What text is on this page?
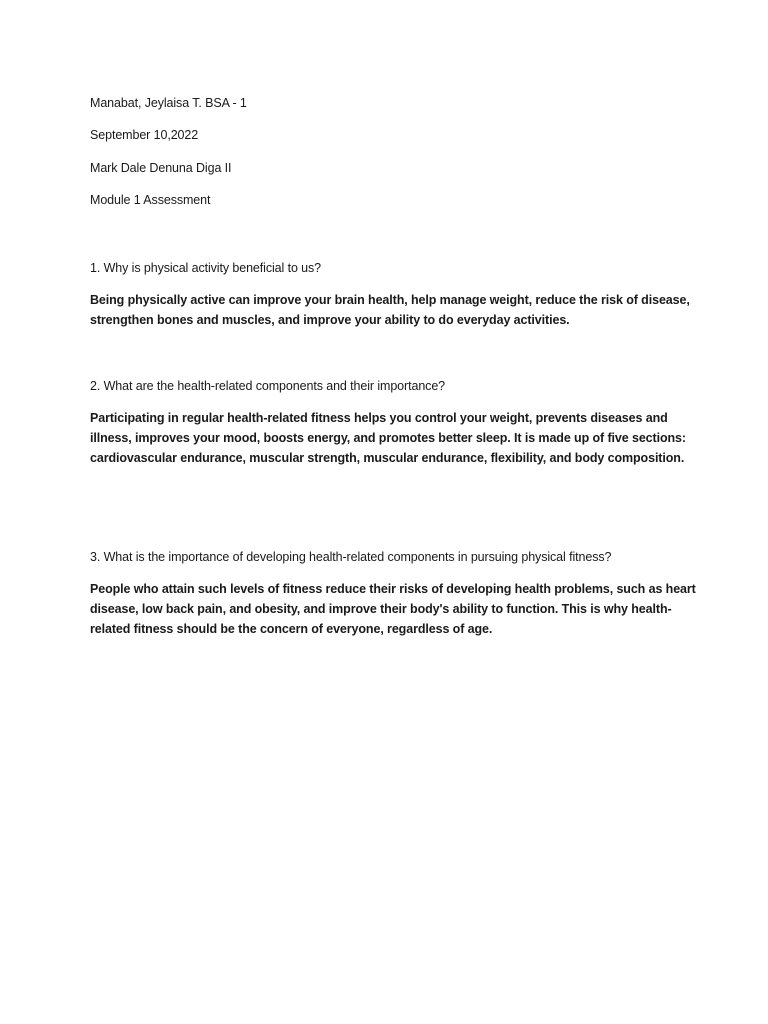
Manabat, Jeylaisa T. BSA - 1
September 10,2022
Mark Dale Denuna Diga II
Module 1 Assessment
1. Why is physical activity beneficial to us?
Being physically active can improve your brain health, help manage weight, reduce the risk of disease,
strengthen bones and muscles, and improve your ability to do everyday activities.
2. What are the health-related components and their importance?
Participating in regular health-related fitness helps you control your weight, prevents diseases and
illness, improves your mood, boosts energy, and promotes better sleep. It is made up of five sections:
cardiovascular endurance, muscular strength, muscular endurance, flexibility, and body composition.
3. What is the importance of developing health-related components in pursuing physical fitness?
People who attain such levels of fitness reduce their risks of developing health problems, such as heart
disease, low back pain, and obesity, and improve their body's ability to function. This is why health-
related fitness should be the concern of everyone, regardless of age.
